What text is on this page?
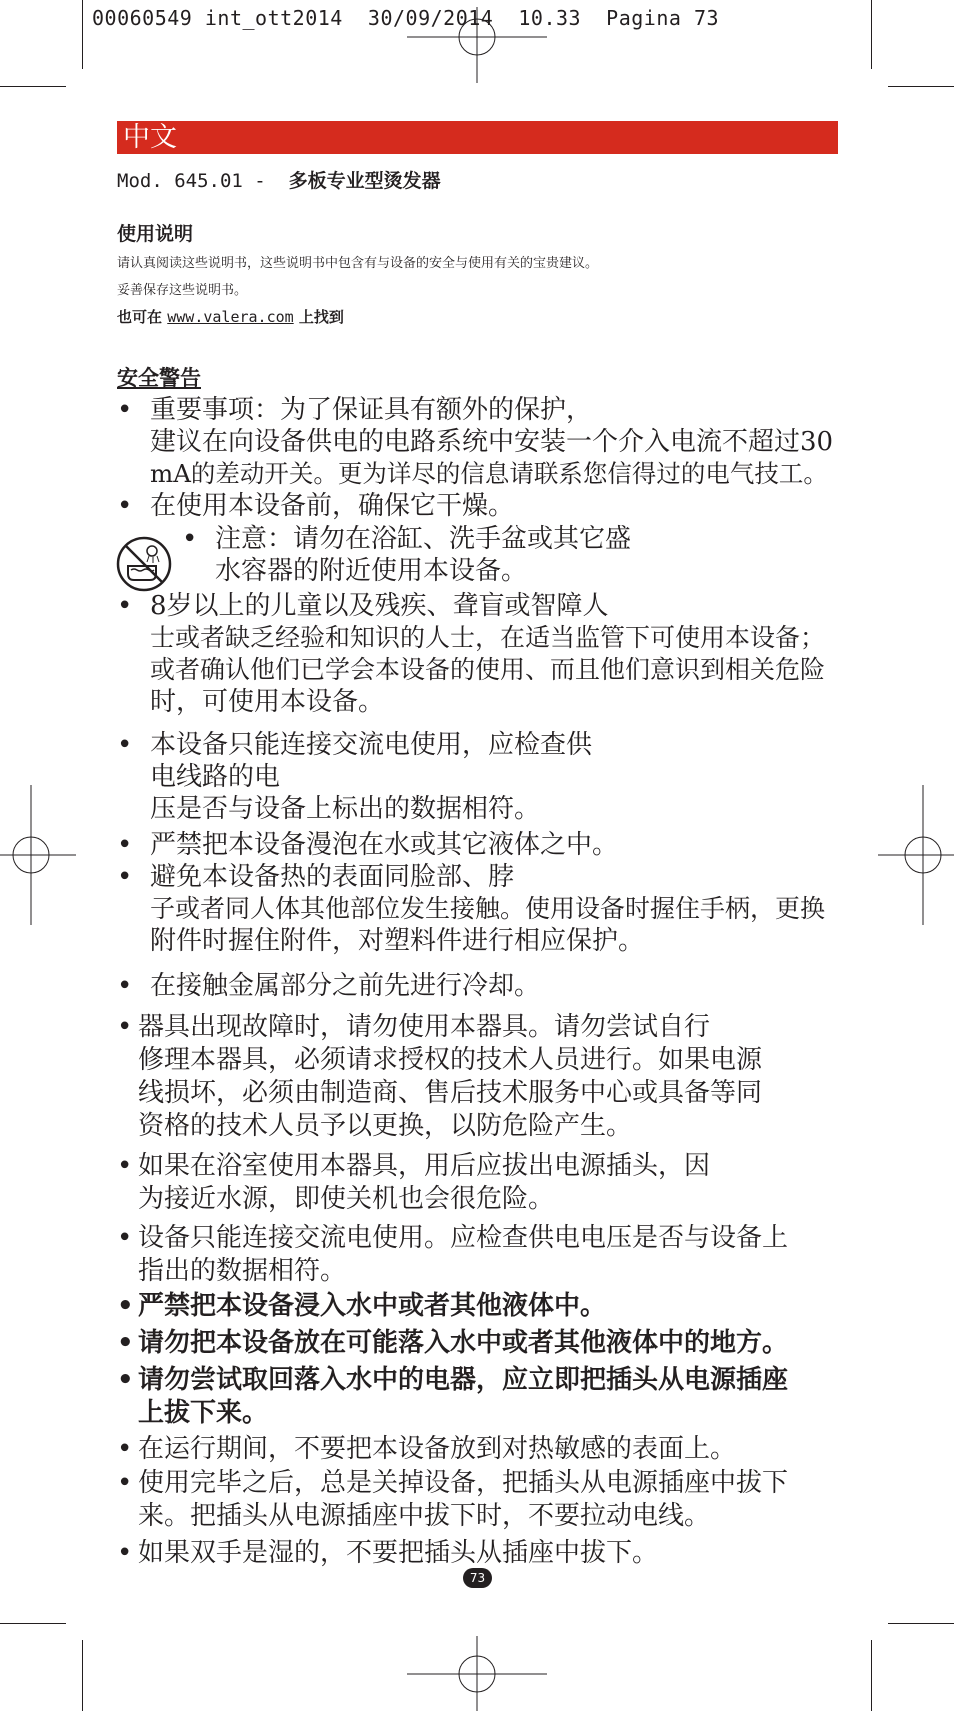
00060549 int_ott2014  30/09/2014  10.33  Pagina 73
中文
Mod. 645.01 - 多板专业型烫发器
使用说明
请认真阅读这些说明书，这些说明书中包含有与设备的安全与使用有关的宝贵建议。
妥善保存这些说明书。
也可在 www.valera.com 上找到
安全警告
• 重要事项：为了保证具有额外的保护，
建议在向设备供电的电路系统中安装一个介入电流不超过30
mA的差动开关。更为详尽的信息请联系您信得过的电气技工。
• 在使用本设备前，确保它干燥。
• 注意：请勿在浴缸、洗手盆或其它盛
水容器的附近使用本设备。
• 8岁以上的儿童以及残疾、聋盲或智障人
士或者缺乏经验和知识的人士，在适当监管下可使用本设备；
或者确认他们已学会本设备的使用、而且他们意识到相关危险
时，可使用本设备。
• 本设备只能连接交流电使用，应检查供
电线路的电
压是否与设备上标出的数据相符。
• 严禁把本设备漫泡在水或其它液体之中。
• 避免本设备热的表面同脸部、脖
子或者同人体其他部位发生接触。使用设备时握住手柄，更换
附件时握住附件，对塑料件进行相应保护。
• 在接触金属部分之前先进行冷却。
• 器具出现故障时，请勿使用本器具。请勿尝试自行
修理本器具，必须请求授权的技术人员进行。如果电源
线损坏，必须由制造商、售后技术服务中心或具备等同
资格的技术人员予以更换，以防危险产生。
• 如果在浴室使用本器具，用后应拔出电源插头，因
为接近水源，即使关机也会很危险。
• 设备只能连接交流电使用。应检查供电电压是否与设备上
指出的数据相符。
• 严禁把本设备浸入水中或者其他液体中。
• 请勿把本设备放在可能落入水中或者其他液体中的地方。
• 请勿尝试取回落入水中的电器，应立即把插头从电源插座
上拔下来。
• 在运行期间，不要把本设备放到对热敏感的表面上。
• 使用完毕之后，总是关掉设备，把插头从电源插座中拔下
来。把插头从电源插座中拔下时，不要拉动电线。
• 如果双手是湿的，不要把插头从插座中拔下。
73
